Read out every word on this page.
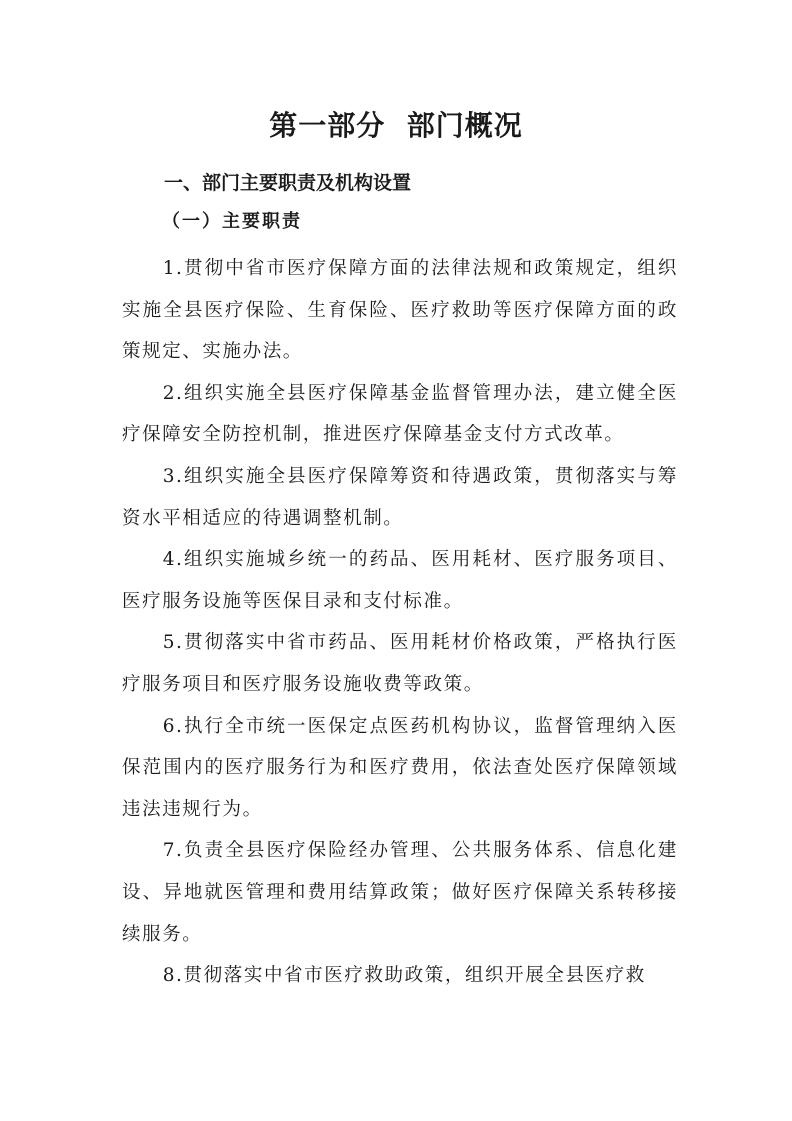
第一部分  部门概况
一、部门主要职责及机构设置
（一）主要职责

1.贯彻中省市医疗保障方面的法律法规和政策规定，组织实施全县医疗保险、生育保险、医疗救助等医疗保障方面的政策规定、实施办法。

2.组织实施全县医疗保障基金监督管理办法，建立健全医疗保障安全防控机制，推进医疗保障基金支付方式改革。

3.组织实施全县医疗保障筹资和待遇政策，贯彻落实与筹资水平相适应的待遇调整机制。

4.组织实施城乡统一的药品、医用耗材、医疗服务项目、医疗服务设施等医保目录和支付标准。

5.贯彻落实中省市药品、医用耗材价格政策，严格执行医疗服务项目和医疗服务设施收费等政策。

6.执行全市统一医保定点医药机构协议，监督管理纳入医保范围内的医疗服务行为和医疗费用，依法查处医疗保障领域违法违规行为。

7.负责全县医疗保险经办管理、公共服务体系、信息化建设、异地就医管理和费用结算政策；做好医疗保障关系转移接续服务。

8.贯彻落实中省市医疗救助政策，组织开展全县医疗救
